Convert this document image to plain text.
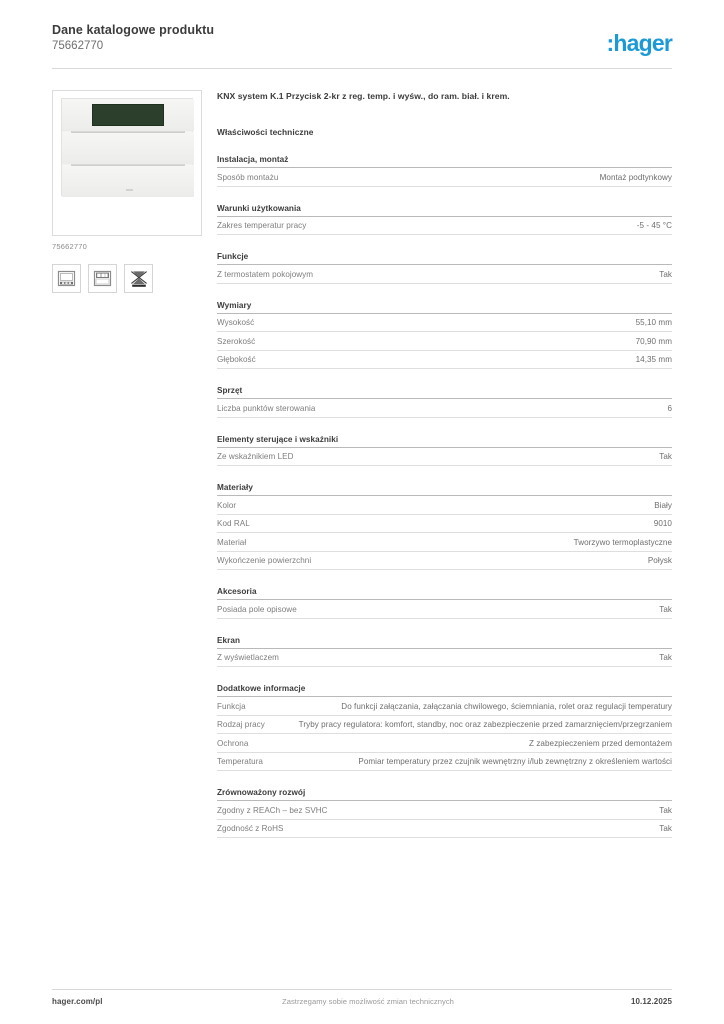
Dane katalogowe produktu
75662770	:hager
75662770
KNX system K.1 Przycisk 2-kr z reg. temp. i wyśw., do ram. biał. i krem.
Właściwości techniczne
Instalacja, montaż
Sposób montażu	Montaż podtynkowy
Warunki użytkowania
Zakres temperatur pracy	-5 - 45 °C
Funkcje
Z termostatem pokojowym	Tak
Wymiary
Wysokość	55,10 mm
Szerokość	70,90 mm
Głębokość	14,35 mm
Sprzęt
Liczba punktów sterowania	6
Elementy sterujące i wskaźniki
Ze wskaźnikiem LED	Tak
Materiały
Kolor	Biały
Kod RAL	9010
Materiał	Tworzywo termoplastyczne
Wykończenie powierzchni	Połysk
Akcesoria
Posiada pole opisowe	Tak
Ekran
Z wyświetlaczem	Tak
Dodatkowe informacje
Funkcja	Do funkcji załączania, załączania chwilowego, ściemniania, rolet oraz regulacji temperatury
Rodzaj pracy	Tryby pracy regulatora: komfort, standby, noc oraz zabezpieczenie przed zamarznięciem/przegrzaniem
Ochrona	Z zabezpieczeniem przed demontażem
Temperatura	Pomiar temperatury przez czujnik wewnętrzny i/lub zewnętrzny z określeniem wartości
Zrównoważony rozwój
Zgodny z REACh – bez SVHC	Tak
Zgodność z RoHS	Tak
hager.com/pl	Zastrzegamy sobie możliwość zmian technicznych	10.12.2025
